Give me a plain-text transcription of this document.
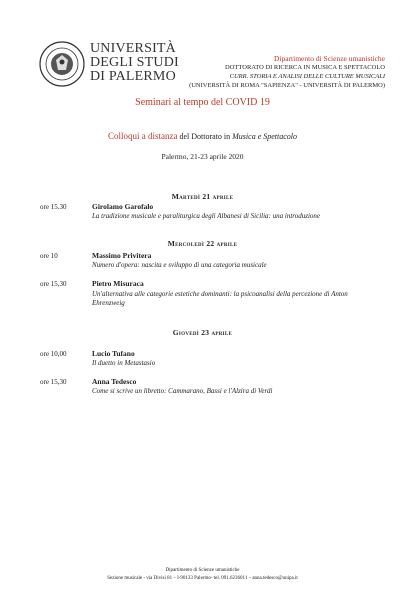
UNIVERSITÀ
DEGLI STUDI
DI PALERMO
Dipartimento di Scienze umanistiche
DOTTORATO DI RICERCA IN MUSICA E SPETTACOLO
CURR. STORIA E ANALISI DELLE CULTURE MUSICALI
(UNIVERSITÀ DI ROMA "SAPIENZA" - UNIVERSITÀ DI PALERMO)
Seminari al tempo del COVID 19
Colloqui a distanza del Dottorato in Musica e Spettacolo
Palermo, 21-23 aprile 2020
Martedì 21 aprile
ore 15.30	Girolamo Garofalo
La tradizione musicale e paraliturgica degli Albanesi di Sicilia: una introduzione
Mercoledì 22 aprile
ore 10	Massimo Privitera
Numero d'opera: nascita e sviluppo di una categoria musicale
ore 15,30	Pietro Misuraca
Un'alternativa alle categorie estetiche dominanti: la psicoanalisi della percezione di Anton Ehrenzweig
Giovedì 23 aprile
ore 10,00	Lucio Tufano
Il duetto in Metastasio
ore 15,30	Anna Tedesco
Come si scrive un libretto: Cammarano, Bassi e l'Alzira di Verdi
Dipartimento di Scienze umanistiche
Sezione musicale - via Divisi 81 – I-90133 Palermo- tel. 091.6236011 – anna.tedesco@unipa.it
